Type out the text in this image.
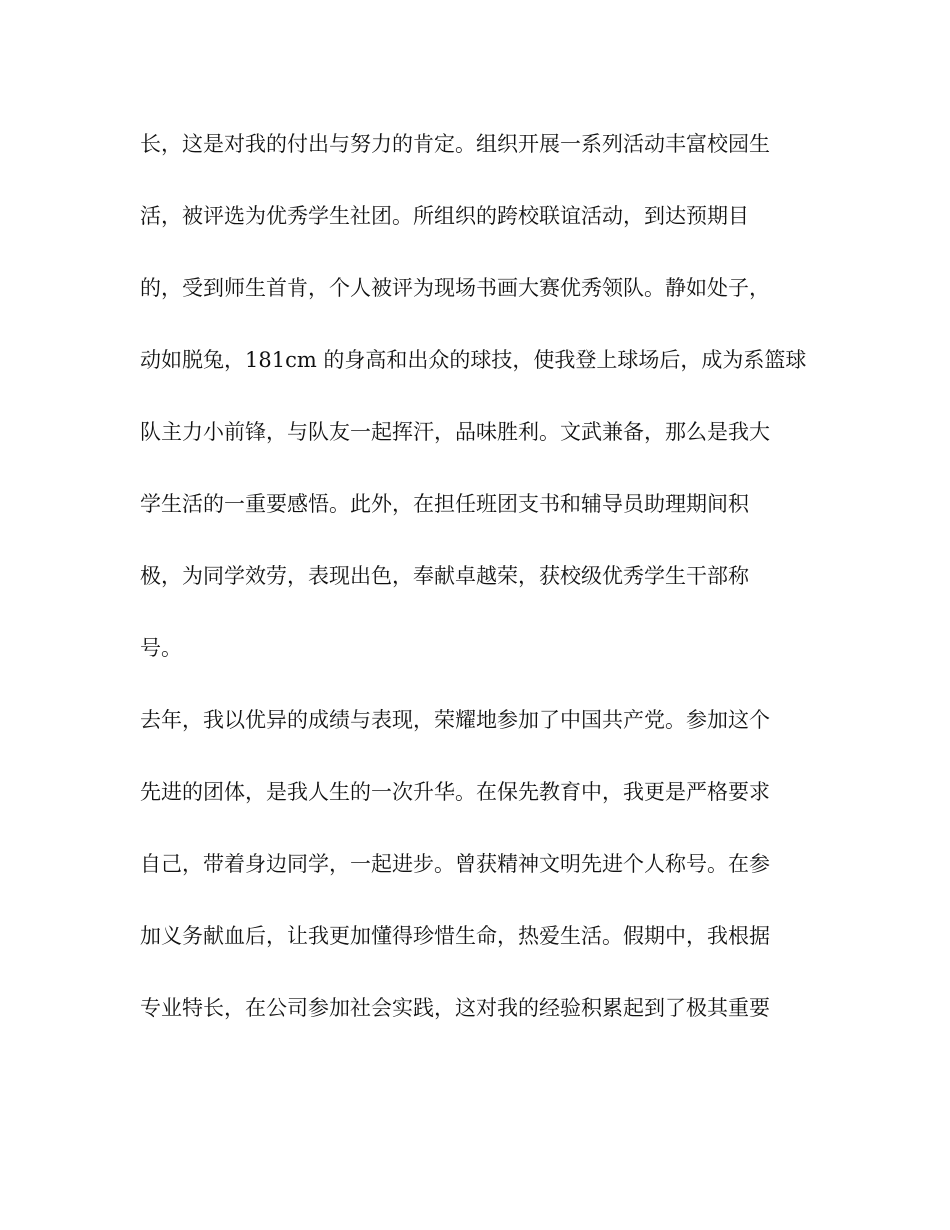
长，这是对我的付出与努力的肯定。组织开展一系列活动丰富校园生
活，被评选为优秀学生社团。所组织的跨校联谊活动，到达预期目
的，受到师生首肯，个人被评为现场书画大赛优秀领队。静如处子，
动如脱兔，181cm 的身高和出众的球技，使我登上球场后，成为系篮球
队主力小前锋，与队友一起挥汗，品味胜利。文武兼备，那么是我大
学生活的一重要感悟。此外，在担任班团支书和辅导员助理期间积
极，为同学效劳，表现出色，奉献卓越荣，获校级优秀学生干部称
号。
去年，我以优异的成绩与表现，荣耀地参加了中国共产党。参加这个
先进的团体，是我人生的一次升华。在保先教育中，我更是严格要求
自己，带着身边同学，一起进步。曾获精神文明先进个人称号。在参
加义务献血后，让我更加懂得珍惜生命，热爱生活。假期中，我根据
专业特长，在公司参加社会实践，这对我的经验积累起到了极其重要
